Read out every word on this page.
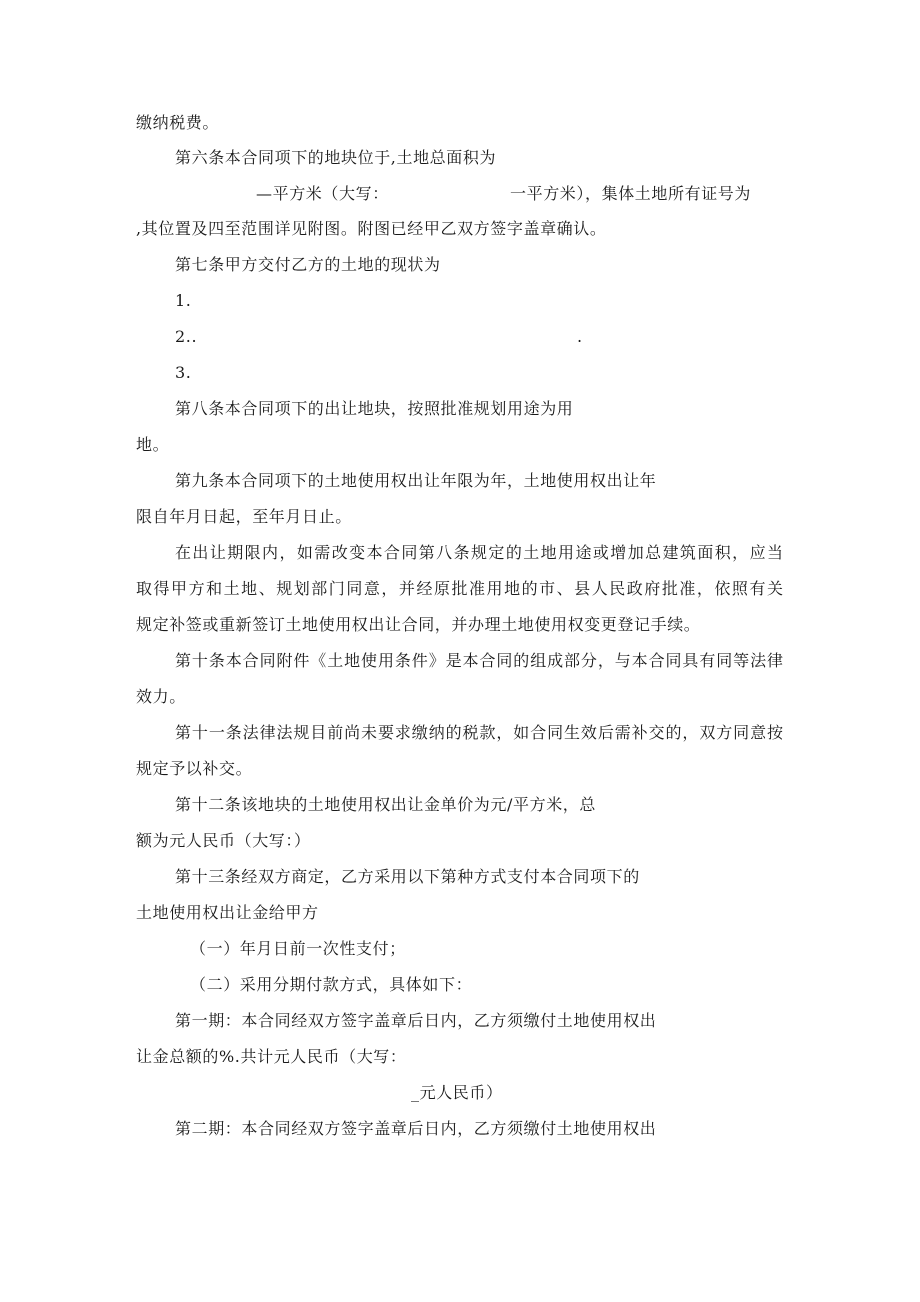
缴纳税费。
第六条本合同项下的地块位于,土地总面积为
—平方米（大写：	一平方米），集体土地所有证号为
,其位置及四至范围详见附图。附图已经甲乙双方签字盖章确认。
第七条甲方交付乙方的土地的现状为
1.
2..	.
3.
第八条本合同项下的出让地块，按照批准规划用途为用
地。
第九条本合同项下的土地使用权出让年限为年，土地使用权出让年
限自年月日起，至年月日止。
在出让期限内，如需改变本合同第八条规定的土地用途或增加总建筑面积，应当
取得甲方和土地、规划部门同意，并经原批准用地的市、县人民政府批准，依照有关
规定补签或重新签订土地使用权出让合同，并办理土地使用权变更登记手续。
第十条本合同附件《土地使用条件》是本合同的组成部分，与本合同具有同等法律
效力。
第十一条法律法规目前尚未要求缴纳的税款，如合同生效后需补交的，双方同意按
规定予以补交。
第十二条该地块的土地使用权出让金单价为元/平方米，总
额为元人民币（大写：）
第十三条经双方商定，乙方采用以下第种方式支付本合同项下的
土地使用权出让金给甲方
（一）年月日前一次性支付；
（二）采用分期付款方式，具体如下：
第一期：本合同经双方签字盖章后日内，乙方须缴付土地使用权出
让金总额的%.共计元人民币（大写：
_元人民币）
第二期：本合同经双方签字盖章后日内，乙方须缴付土地使用权出
